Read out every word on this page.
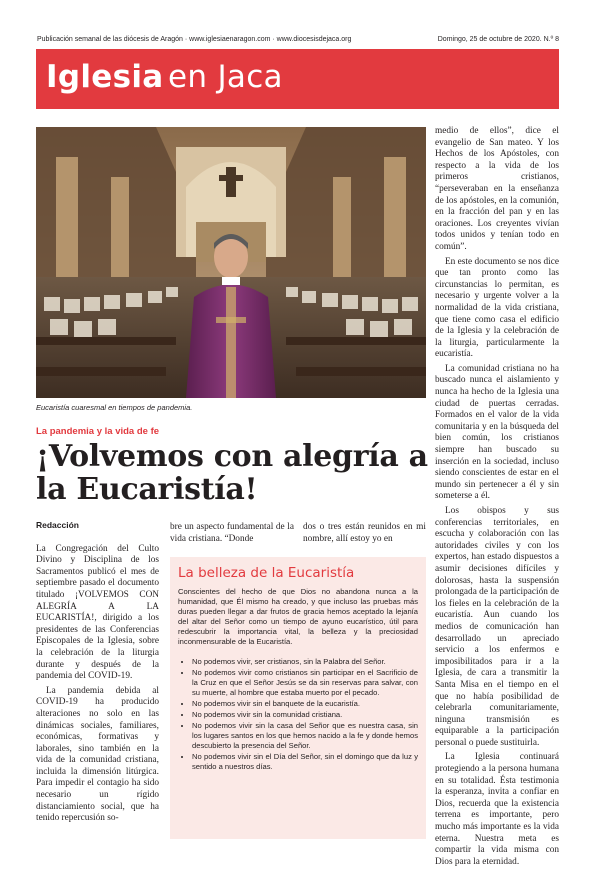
Publicación semanal de las diócesis de Aragón · www.iglesiaenaragon.com · www.diocesisdejaca.org	Domingo, 25 de octubre de 2020. N.º 8
Iglesia en Jaca
Eucaristía cuaresmal en tiempos de pandemia.
La pandemia y la vida de fe
¡Volvemos con alegría a la Eucaristía!
Redacción

La Congregación del Culto Divino y Disciplina de los Sacramentos publicó el mes de septiembre pasado el documento titulado ¡VOLVEMOS CON ALEGRÍA A LA EUCARISTÍA!, dirigido a los presidentes de las Conferencias Episcopales de la Iglesia, sobre la celebración de la liturgia durante y después de la pandemia del COVID-19.

La pandemia debida al COVID-19 ha producido alteraciones no solo en las dinámicas sociales, familiares, económicas, formativas y laborales, sino también en la vida de la comunidad cristiana, incluida la dimensión litúrgica. Para impedir el contagio ha sido necesario un rígido distanciamiento social, que ha tenido repercusión so-

bre un aspecto fundamental de la vida cristiana. “Donde

dos o tres están reunidos en mi nombre, allí estoy yo en

La belleza de la Eucaristía

Conscientes del hecho de que Dios no abandona nunca a la humanidad, que Él mismo ha creado, y que incluso las pruebas más duras pueden llegar a dar frutos de gracia hemos aceptado la lejanía del altar del Señor como un tiempo de ayuno eucarístico, útil para redescubrir la importancia vital, la belleza y la preciosidad inconmensurable de la Eucaristía.

• No podemos vivir, ser cristianos, sin la Palabra del Señor.
• No podemos vivir como cristianos sin participar en el Sacrificio de la Cruz en que el Señor Jesús se da sin reservas para salvar, con su muerte, al hombre que estaba muerto por el pecado.
• No podemos vivir sin el banquete de la eucaristía.
• No podemos vivir sin la comunidad cristiana.
• No podemos vivir sin la casa del Señor que es nuestra casa, sin los lugares santos en los que hemos nacido a la fe y donde hemos descubierto la presencia del Señor.
• No podemos vivir sin el Día del Señor, sin el domingo que da luz y sentido a nuestros días.

medio de ellos”, dice el evangelio de San mateo. Y los Hechos de los Apóstoles, con respecto a la vida de los primeros cristianos, “perseveraban en la enseñanza de los apóstoles, en la comunión, en la fracción del pan y en las oraciones. Los creyentes vivían todos unidos y tenían todo en común”.

En este documento se nos dice que tan pronto como las circunstancias lo permitan, es necesario y urgente volver a la normalidad de la vida cristiana, que tiene como casa el edificio de la Iglesia y la celebración de la liturgia, particularmente la eucaristía.

La comunidad cristiana no ha buscado nunca el aislamiento y nunca ha hecho de la Iglesia una ciudad de puertas cerradas. Formados en el valor de la vida comunitaria y en la búsqueda del bien común, los cristianos siempre han buscado su inserción en la sociedad, incluso siendo conscientes de estar en el mundo sin pertenecer a él y sin someterse a él.

Los obispos y sus conferencias territoriales, en escucha y colaboración con las autoridades civiles y con los expertos, han estado dispuestos a asumir decisiones difíciles y dolorosas, hasta la suspensión prolongada de la participación de los fieles en la celebración de la eucaristía. Aun cuando los medios de comunicación han desarrollado un apreciado servicio a los enfermos e imposibilitados para ir a la Iglesia, de cara a transmitir la Santa Misa en el tiempo en el que no había posibilidad de celebrarla comunitariamente, ninguna transmisión es equiparable a la participación personal o puede sustituirla.

La Iglesia continuará protegiendo a la persona humana en su totalidad. Ésta testimonia la esperanza, invita a confiar en Dios, recuerda que la existencia terrena es importante, pero mucho más importante es la vida eterna. Nuestra meta es compartir la vida misma con Dios para la eternidad.
